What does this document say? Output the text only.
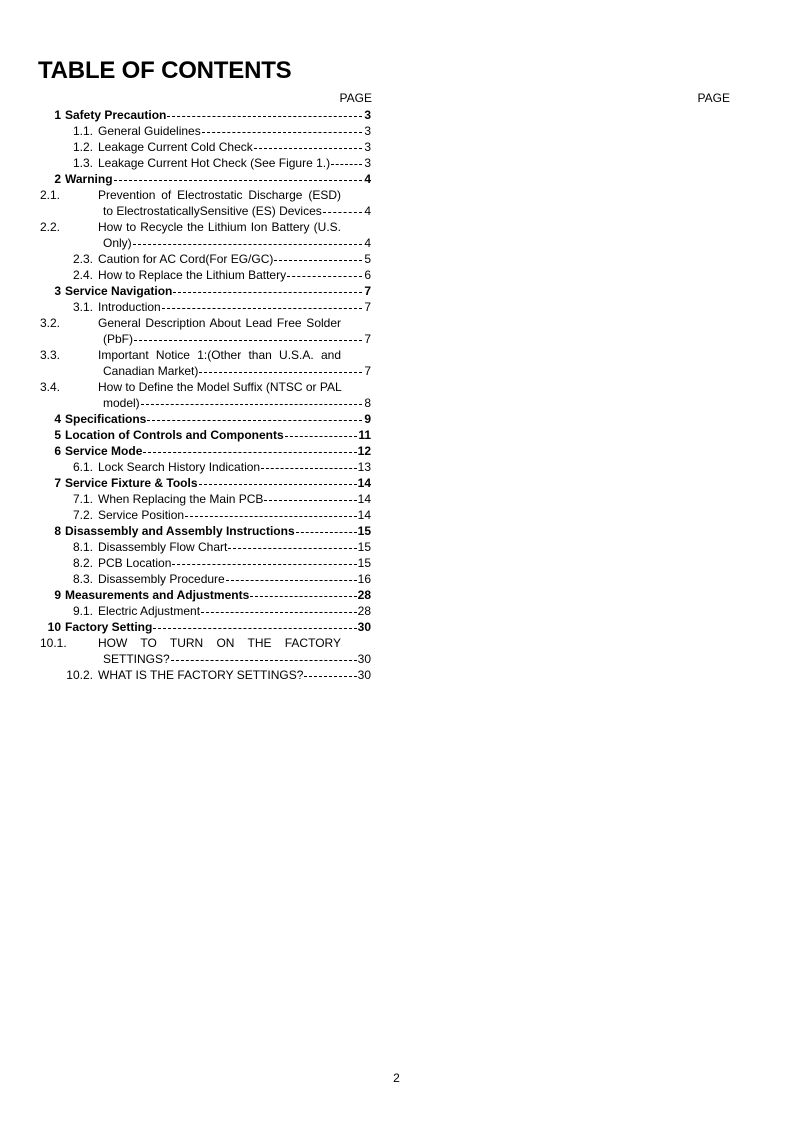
TABLE OF CONTENTS
PAGE	PAGE
1 Safety Precaution	3
1.1. General Guidelines	3
1.2. Leakage Current Cold Check	3
1.3. Leakage Current Hot Check (See Figure 1.)	3
2 Warning	4
2.1.	Prevention of Electrostatic Discharge (ESD)
to ElectrostaticallySensitive (ES) Devices	4
2.2.	How to Recycle the Lithium Ion Battery (U.S.
Only)	4
2.3. Caution for AC Cord(For EG/GC)	5
2.4. How to Replace the Lithium Battery	6
3 Service Navigation	7
3.1. Introduction	7
3.2.	General Description About Lead Free Solder
(PbF)	7
3.3.	Important Notice 1:(Other than U.S.A. and
Canadian Market)	7
3.4.	How to Define the Model Suffix (NTSC or PAL
model)	8
4 Specifications	9
5 Location of Controls and Components	11
6 Service Mode	12
6.1. Lock Search History Indication	13
7 Service Fixture & Tools	14
7.1. When Replacing the Main PCB	14
7.2. Service Position	14
8 Disassembly and Assembly Instructions	15
8.1. Disassembly Flow Chart	15
8.2. PCB Location	15
8.3. Disassembly Procedure	16
9 Measurements and Adjustments	28
9.1. Electric Adjustment	28
10 Factory Setting	30
10.1.	HOW TO TURN ON THE FACTORY
SETTINGS?	30
10.2. WHAT IS THE FACTORY SETTINGS?	30
2
